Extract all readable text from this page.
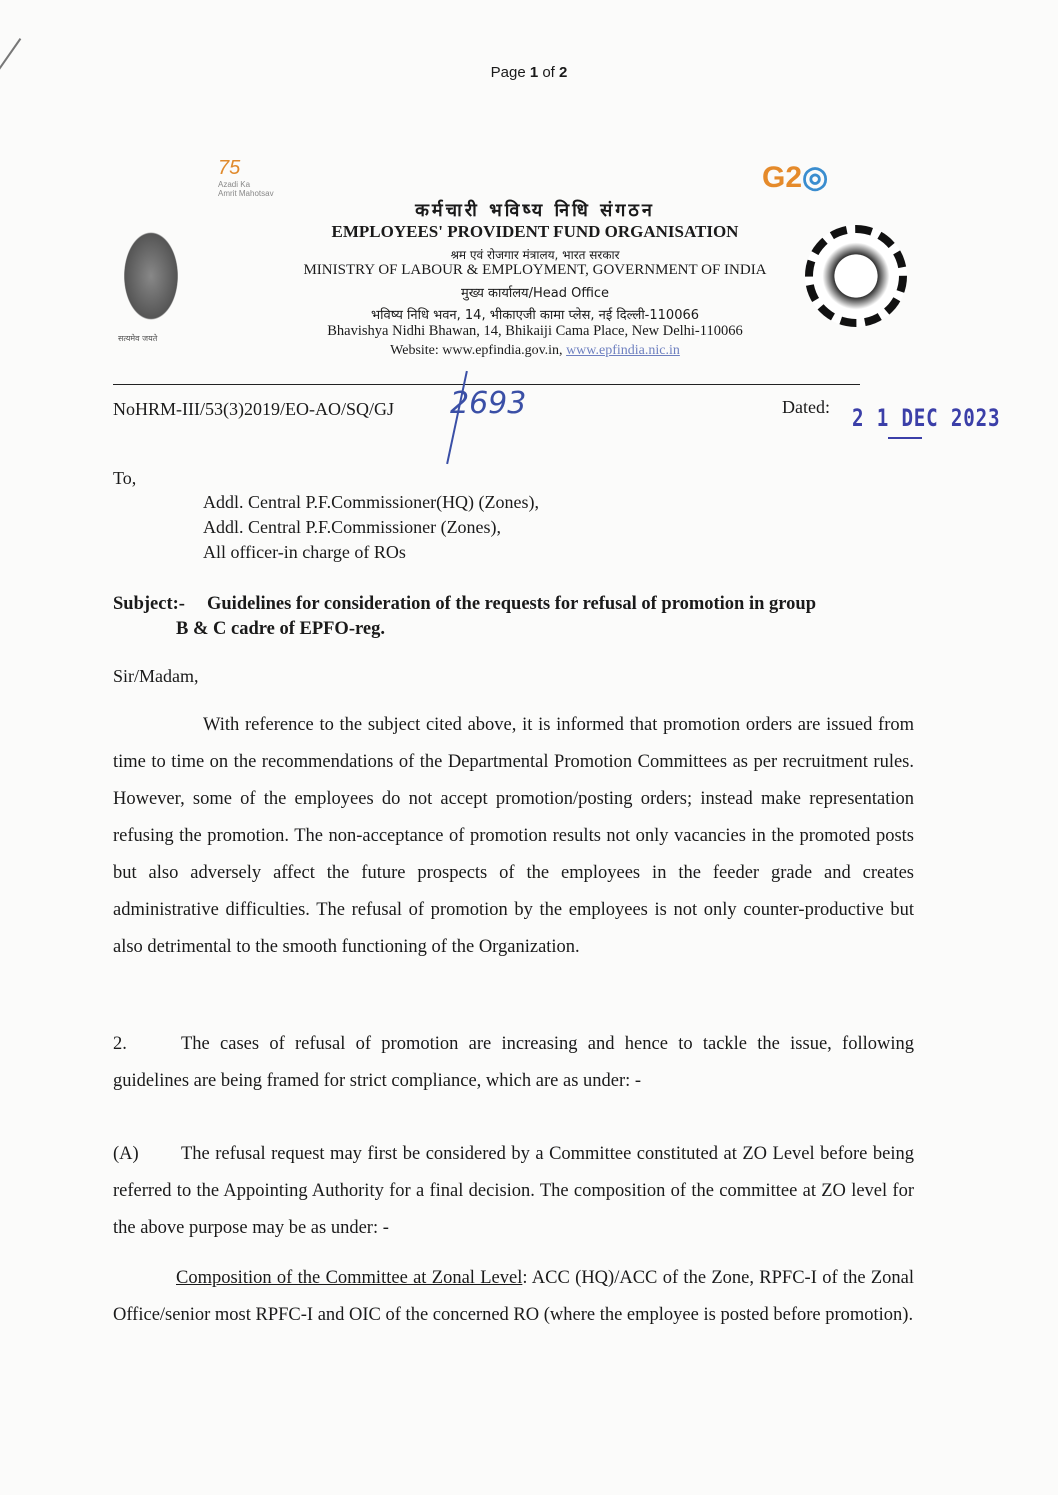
Page 1 of 2
75
Azadi Ka
Amrit Mahotsav	G2◎
सत्यमेव जयते
कर्मचारी भविष्य निधि संगठन
EMPLOYEES' PROVIDENT FUND ORGANISATION
श्रम एवं रोजगार मंत्रालय, भारत सरकार
MINISTRY OF LABOUR & EMPLOYMENT, GOVERNMENT OF INDIA
मुख्य कार्यालय/Head Office
भविष्य निधि भवन, 14, भीकाएजी कामा प्लेस, नई दिल्ली-110066
Bhavishya Nidhi Bhawan, 14, Bhikaiji Cama Place, New Delhi-110066
Website: www.epfindia.gov.in, www.epfindia.nic.in
NoHRM-III/53(3)2019/EO-AO/SQ/GJ 2693	Dated: 2 1 DEC 2023
To,
Addl. Central P.F.Commissioner(HQ) (Zones),
Addl. Central P.F.Commissioner (Zones),
All officer-in charge of ROs
Subject:- Guidelines for consideration of the requests for refusal of promotion in group
B & C cadre of EPFO-reg.
Sir/Madam,
With reference to the subject cited above, it is informed that promotion orders are issued from time to time on the recommendations of the Departmental Promotion Committees as per recruitment rules. However, some of the employees do not accept promotion/posting orders; instead make representation refusing the promotion. The non-acceptance of promotion results not only vacancies in the promoted posts but also adversely affect the future prospects of the employees in the feeder grade and creates administrative difficulties. The refusal of promotion by the employees is not only counter-productive but also detrimental to the smooth functioning of the Organization.
2.	The cases of refusal of promotion are increasing and hence to tackle the issue, following guidelines are being framed for strict compliance, which are as under: -
(A) The refusal request may first be considered by a Committee constituted at ZO Level before being referred to the Appointing Authority for a final decision. The composition of the committee at ZO level for the above purpose may be as under: -
Composition of the Committee at Zonal Level: ACC (HQ)/ACC of the Zone, RPFC-I of the Zonal Office/senior most RPFC-I and OIC of the concerned RO (where the employee is posted before promotion).
